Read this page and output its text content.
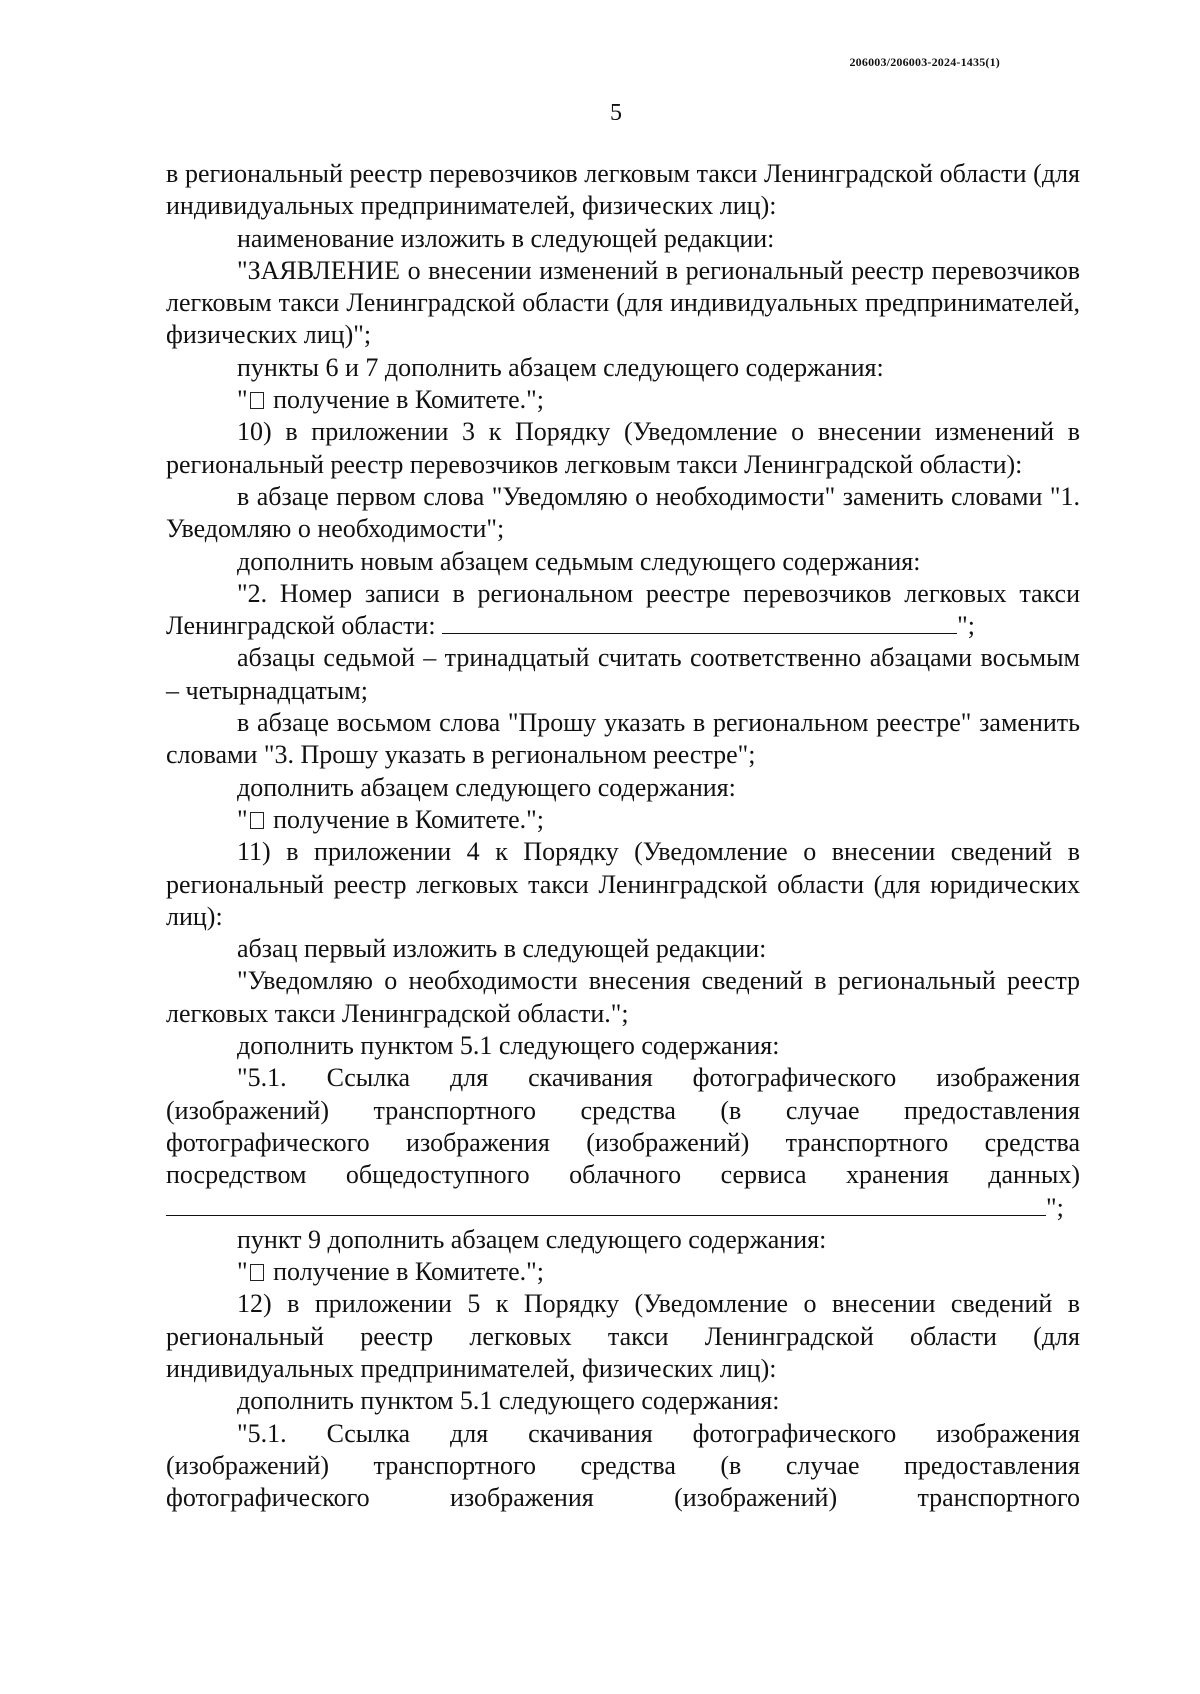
206003/206003-2024-1435(1)
5

в региональный реестр перевозчиков легковым такси Ленинградской области (для индивидуальных предпринимателей, физических лиц):

наименование изложить в следующей редакции:

"ЗАЯВЛЕНИЕ о внесении изменений в региональный реестр перевозчиков легковым такси Ленинградской области (для индивидуальных предпринимателей, физических лиц)";

пункты 6 и 7 дополнить абзацем следующего содержания:

" получение в Комитете.";

10) в приложении 3 к Порядку (Уведомление о внесении изменений в региональный реестр перевозчиков легковым такси Ленинградской области):

в абзаце первом слова "Уведомляю о необходимости" заменить словами "1. Уведомляю о необходимости";

дополнить новым абзацем седьмым следующего содержания:

"2. Номер записи в региональном реестре перевозчиков легковых такси Ленинградской области:	";

абзацы седьмой – тринадцатый считать соответственно абзацами восьмым – четырнадцатым;

в абзаце восьмом слова "Прошу указать в региональном реестре" заменить словами "3. Прошу указать в региональном реестре";

дополнить абзацем следующего содержания:

" получение в Комитете.";

11) в приложении 4 к Порядку (Уведомление о внесении сведений в региональный реестр легковых такси Ленинградской области (для юридических лиц):

абзац первый изложить в следующей редакции:

"Уведомляю о необходимости внесения сведений в региональный реестр легковых такси Ленинградской области.";

дополнить пунктом 5.1 следующего содержания:

"5.1. Ссылка для скачивания фотографического изображения (изображений) транспортного средства (в случае предоставления фотографического изображения (изображений) транспортного средства посредством общедоступного облачного сервиса хранения данных)

";

пункт 9 дополнить абзацем следующего содержания:

" получение в Комитете.";

12) в приложении 5 к Порядку (Уведомление о внесении сведений в региональный реестр легковых такси Ленинградской области (для индивидуальных предпринимателей, физических лиц):

дополнить пунктом 5.1 следующего содержания:

"5.1. Ссылка для скачивания фотографического изображения (изображений) транспортного средства (в случае предоставления фотографического изображения (изображений) транспортного
